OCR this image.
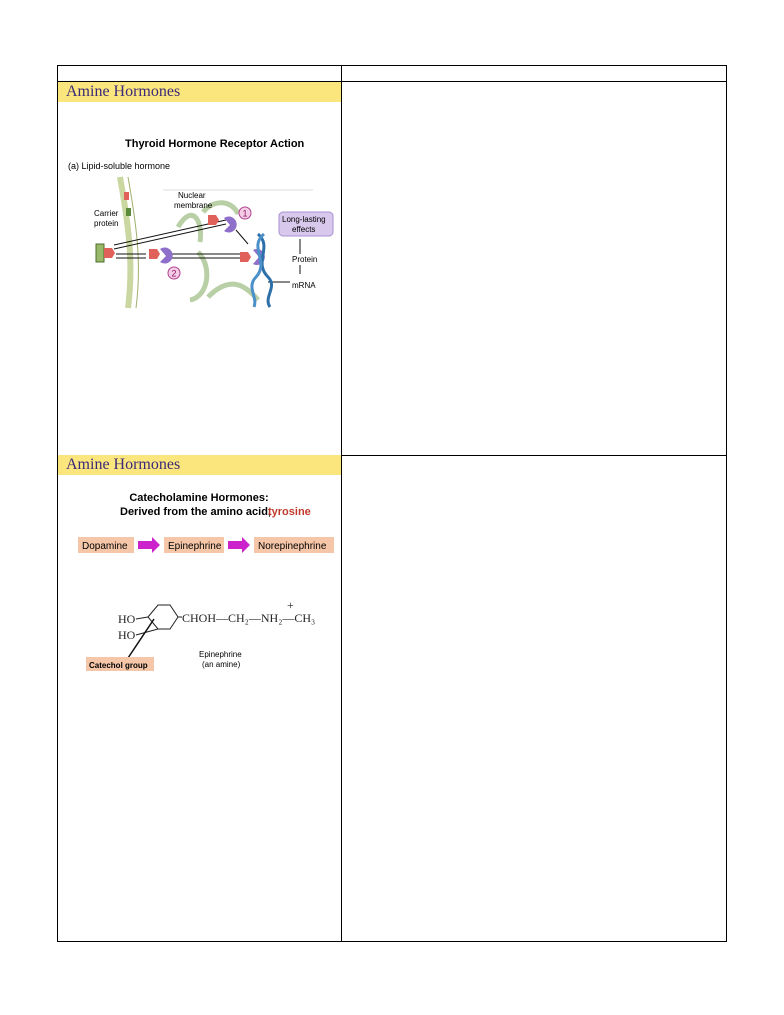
Amine Hormones
Thyroid Hormone Receptor Action
(a) Lipid-soluble hormone
Nuclear
membrane
Carrier
protein
1
2
Long-lasting
effects
Protein
mRNA
Amine Hormones
Catecholamine Hormones:
Derived from the amino acid,
tyrosine
Dopamine	Epinephrine	Norepinephrine
HO
HO
CHOH—CH₂—NH₂—CH₃
+
Catechol group
Epinephrine
(an amine)
